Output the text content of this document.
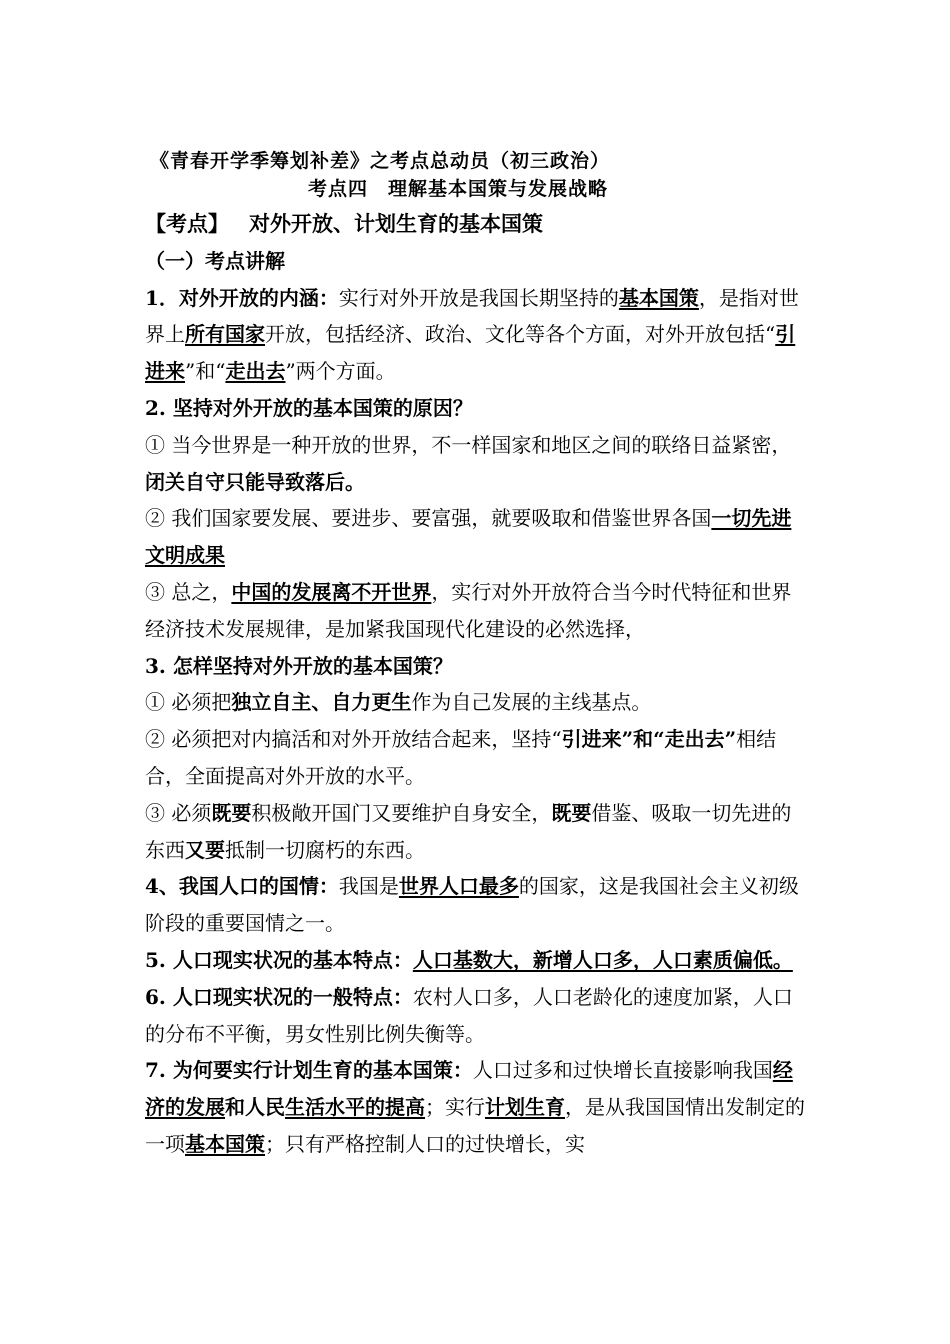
《青春开学季筹划补差》之考点总动员（初三政治）
考点四　理解基本国策与发展战略

【考点】 对外开放、计划生育的基本国策

（一）考点讲解

1．对外开放的内涵：实行对外开放是我国长期坚持的基本国策，是指对世界上所有国家开放，包括经济、政治、文化等各个方面，对外开放包括“引进来”和“走出去”两个方面。

2. 坚持对外开放的基本国策的原因？

① 当今世界是一种开放的世界，不一样国家和地区之间的联络日益紧密，闭关自守只能导致落后。

② 我们国家要发展、要进步、要富强，就要吸取和借鉴世界各国一切先进文明成果

③ 总之，中国的发展离不开世界，实行对外开放符合当今时代特征和世界经济技术发展规律，是加紧我国现代化建设的必然选择，

3. 怎样坚持对外开放的基本国策？

① 必须把独立自主、自力更生作为自己发展的主线基点。

② 必须把对内搞活和对外开放结合起来，坚持“引进来”和“走出去”相结合，全面提高对外开放的水平。

③ 必须既要积极敞开国门又要维护自身安全，既要借鉴、吸取一切先进的东西又要抵制一切腐朽的东西。

4、我国人口的国情：我国是世界人口最多的国家，这是我国社会主义初级阶段的重要国情之一。

5. 人口现实状况的基本特点：人口基数大，新增人口多，人口素质偏低。

6. 人口现实状况的一般特点：农村人口多，人口老龄化的速度加紧，人口的分布不平衡，男女性别比例失衡等。

7. 为何要实行计划生育的基本国策：人口过多和过快增长直接影响我国经济的发展和人民生活水平的提高；实行计划生育，是从我国国情出发制定的一项基本国策；只有严格控制人口的过快增长，实
